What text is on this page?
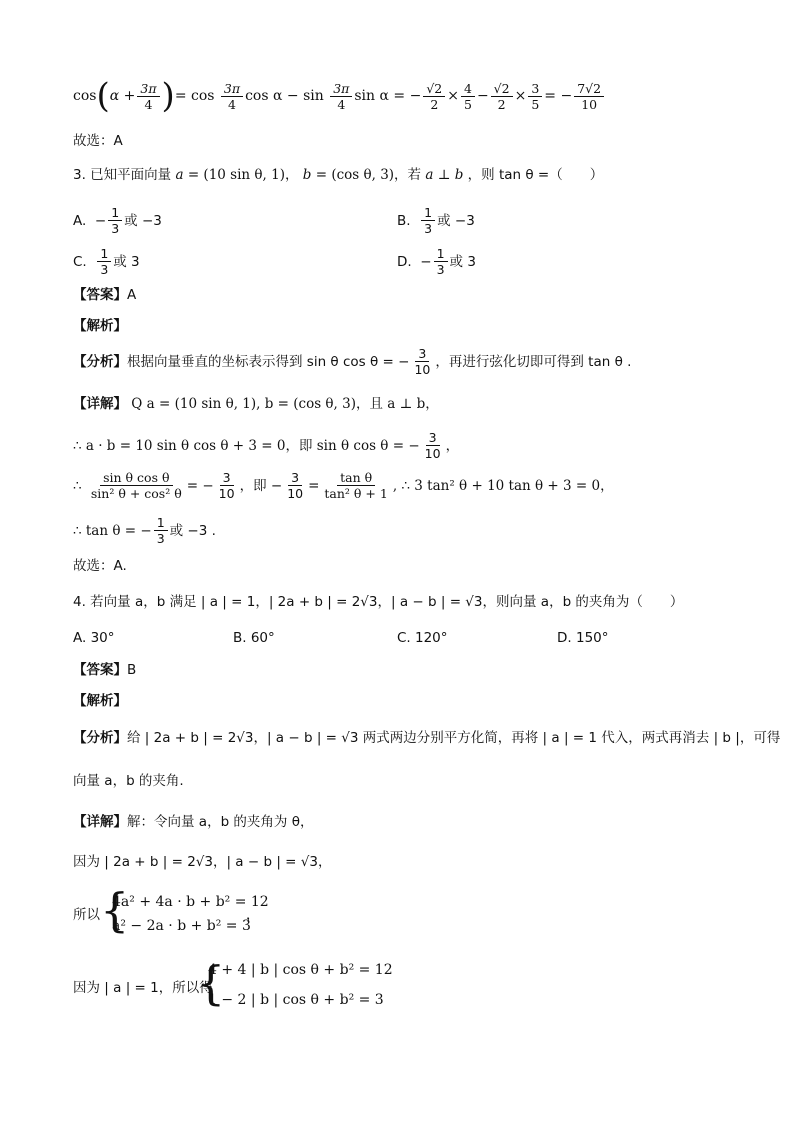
cos ( $\alpha + \frac{3\pi}{4}$ ) = cos
$\frac{3\pi}{4}$ cos α − sin
$\frac{3\pi}{4}$ sin α = − $\frac{√2}{2} \times \frac{4}{5} - \frac{√2}{2} \times \frac{3}{5}$ = − $\frac{7√2}{10}$
故选：A
3. 已知平面向量 a = (10 sin θ, 1)， b = (cos θ, 3)，若 a ⊥ b ，则 tan θ =（　　）
A.
− $\frac{1}{3}$ 或 −3	B.
$\frac{1}{3}$ 或 −3
C.
$\frac{1}{3}$ 或 3	D.
− $\frac{1}{3}$ 或 3
【答案】A
【解析】
【分析】 根据向量垂直的坐标表示得到 sin θ cos θ = − $\frac{3}{10}$ ，再进行弦化切即可得到 tan θ .
【详解】 Q a = (10 sin θ, 1), b = (cos θ, 3)，且 a ⊥ b，
∴ a · b = 10 sin θ cos θ + 3 = 0，即 sin θ cos θ = − $\frac{3}{10}$ ，
∴
$\frac{\text{sin θ cos θ}}{\text{sin² θ + cos² θ}}$ = − $\frac{3}{10}$ ，即 − $\frac{3}{10} = \frac{\text{tan θ}}{\text{tan² θ + 1}}$ , ∴ 3 tan² θ + 10 tan θ + 3 = 0，
∴ tan θ = − $\frac{1}{3}$ 或 −3 .
故选：A.
4. 若向量 a，b 满足 | a | = 1，| 2a + b | = 2√3，| a − b | = √3，则向量 a，b 的夹角为（　　）
A. 30°	B. 60°	C. 120°	D. 150°
【答案】B
【解析】
【分析】给 | 2a + b | = 2√3，| a − b | = √3 两式两边分别平方化简，再将 | a | = 1 代入，两式再消去 | b |，可得
向量 a，b 的夹角.
【详解】解：令向量 a，b 的夹角为 θ，
因为 | 2a + b | = 2√3，| a − b | = √3，
所以 {
4a² + 4a · b + b² = 12
a² − 2a · b + b² = 3
，
因为 | a | = 1，所以得
{
4 + 4 | b | cos θ + b² = 12
1 − 2 | b | cos θ + b² = 3
